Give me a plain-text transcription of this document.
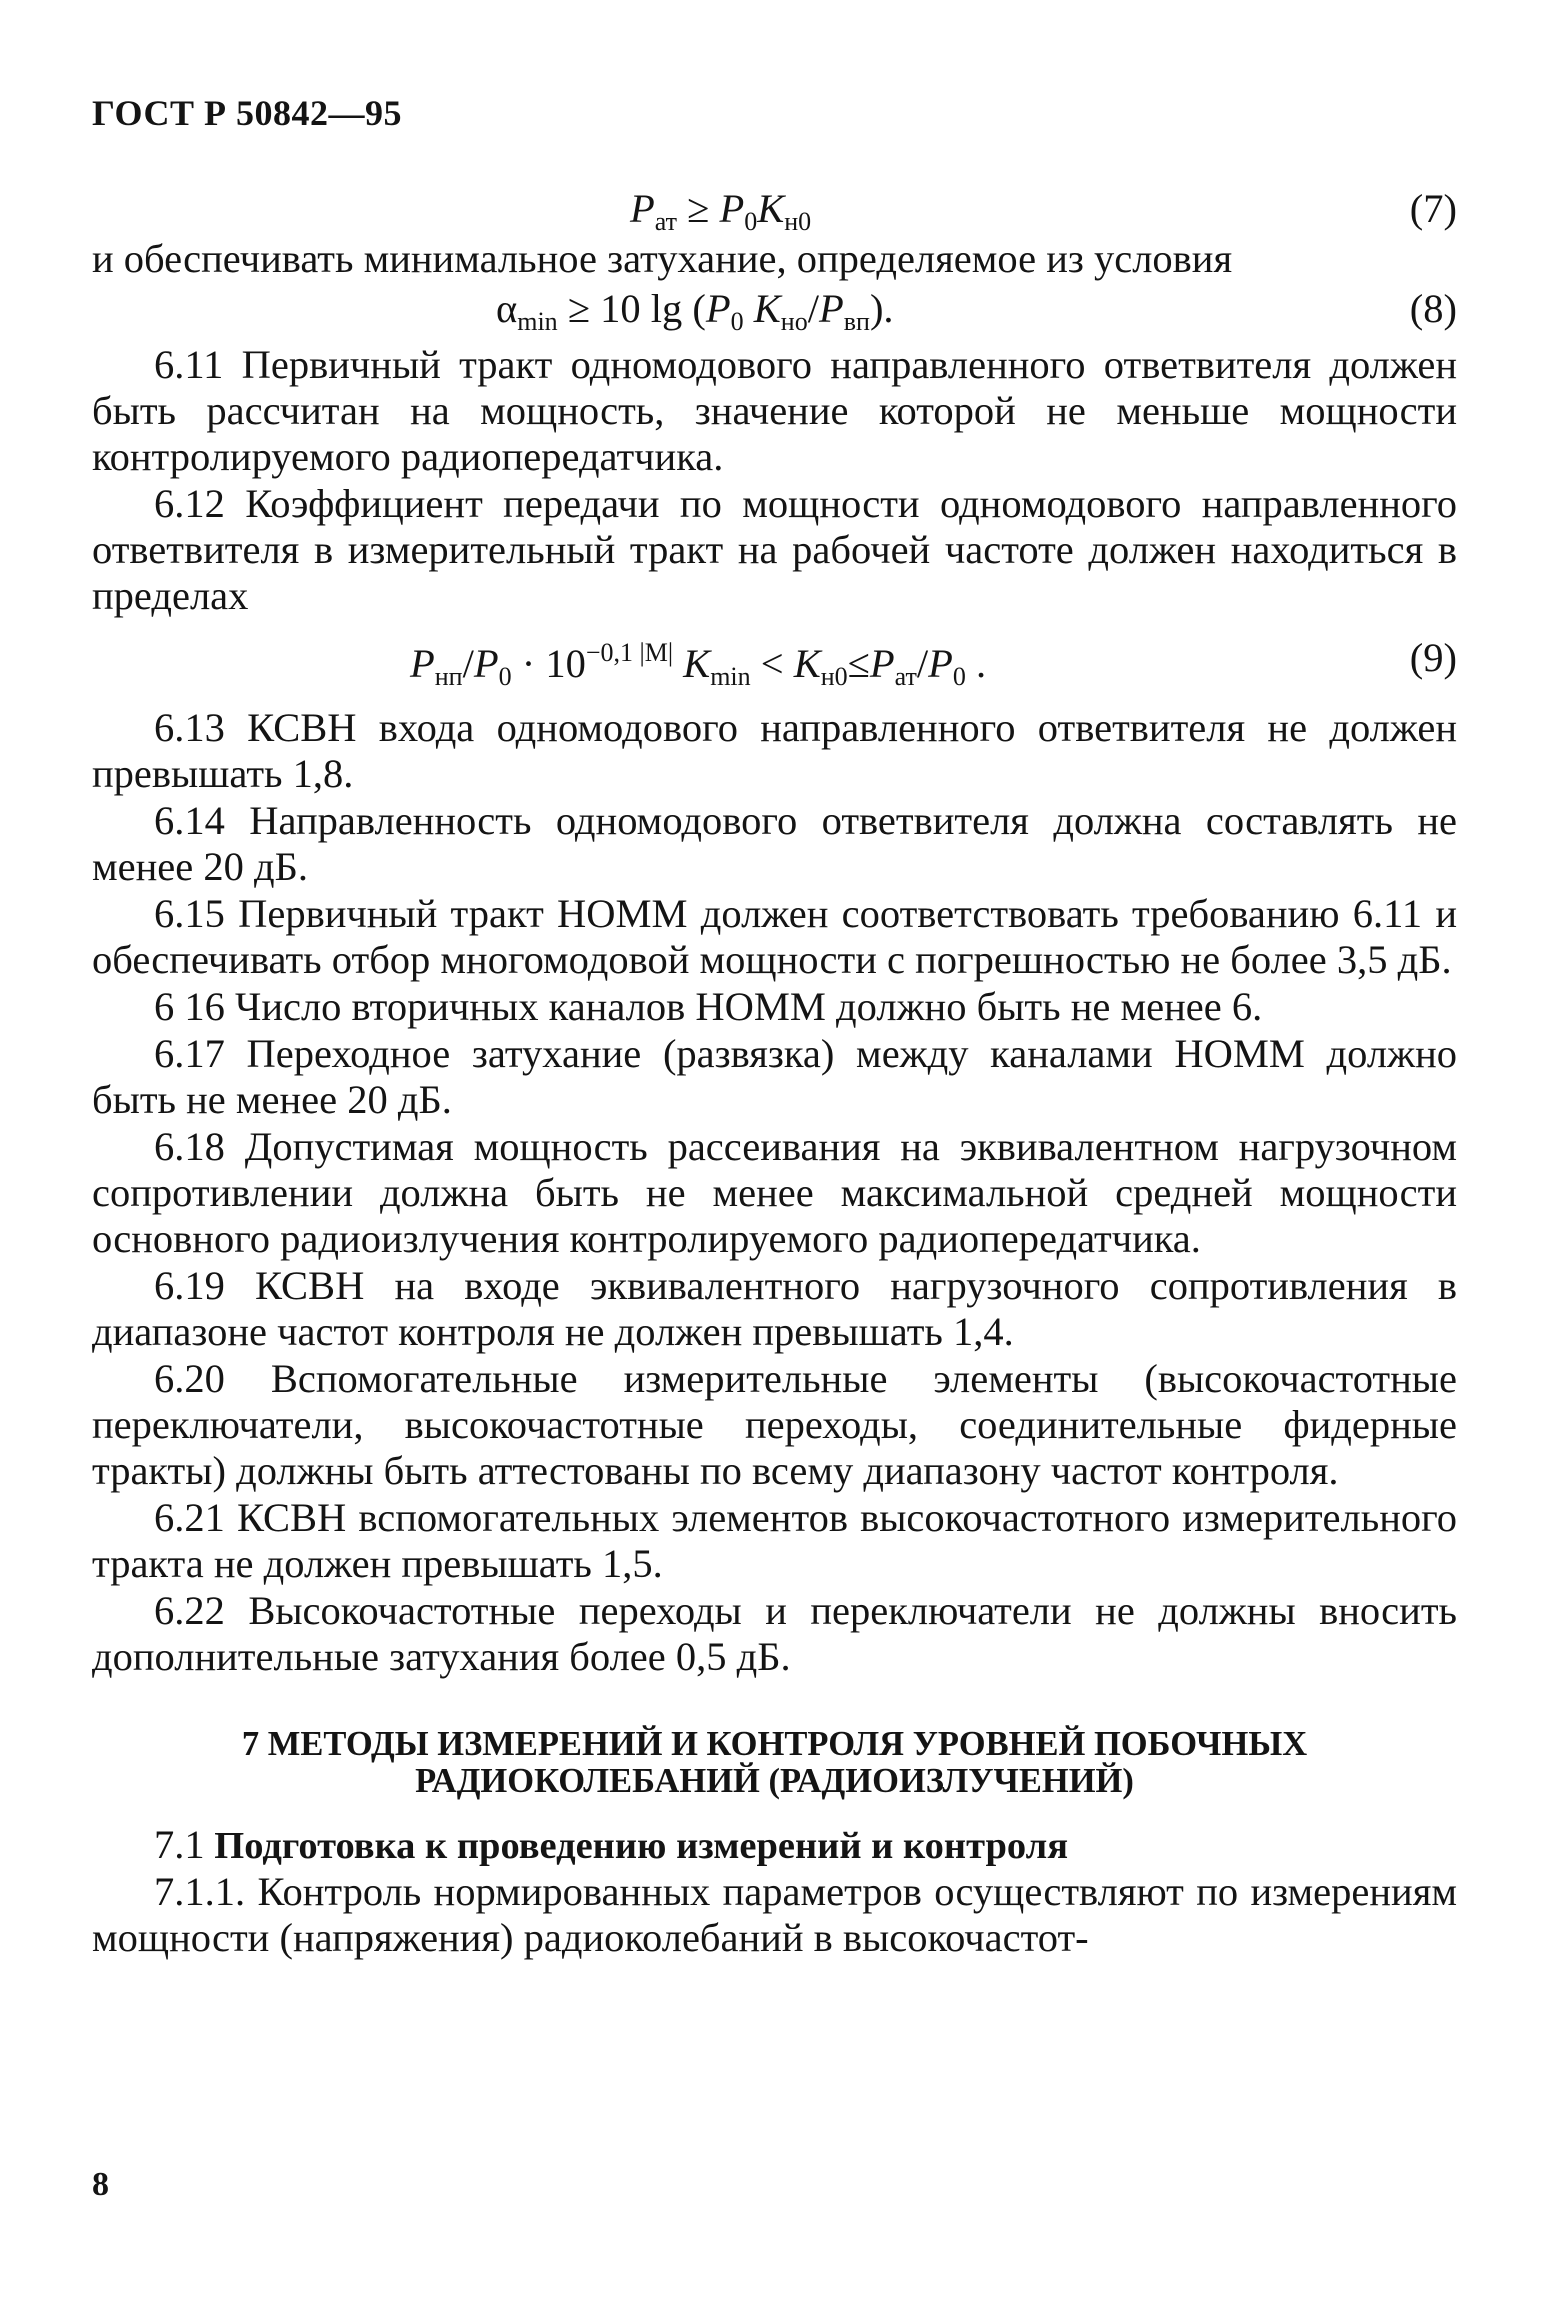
ГОСТ Р 50842—95
$P_{ат} \ge P_0K_{н0}$	(7)

и обеспечивать минимальное затухание, определяемое из условия

$\alpha_{min} \ge 10$ $\lg (P_0$ $K_{но}/P_{вп}$).	(8)

6.11 Первичный тракт одномодового направленного ответвителя должен быть рассчитан на мощность, значение которой не меньше мощности контролируемого радиопередатчика.

6.12 Коэффициент передачи по мощности одномодового направленного ответвителя в измерительный тракт на рабочей частоте должен находиться в пределах

$P_{нп}/P_0 \cdot 10^{-0,1 |M|}$ $K_{min} < K_{н0}\le P_{ат}/P_0$ .	(9)

6.13 КСВН входа одномодового направленного ответвителя не должен превышать 1,8.

6.14 Направленность одномодового ответвителя должна составлять не менее 20 дБ.

6.15 Первичный тракт НОММ должен соответствовать требованию 6.11 и обеспечивать отбор многомодовой мощности с погрешностью не более 3,5 дБ.

6 16 Число вторичных каналов НОММ должно быть не менее 6.

6.17 Переходное затухание (развязка) между каналами НОММ должно быть не менее 20 дБ.

6.18 Допустимая мощность рассеивания на эквивалентном нагрузочном сопротивлении должна быть не менее максимальной средней мощности основного радиоизлучения контролируемого радиопередатчика.

6.19 КСВН на входе эквивалентного нагрузочного сопротивления в диапазоне частот контроля не должен превышать 1,4.

6.20 Вспомогательные измерительные элементы (высокочастотные переключатели, высокочастотные переходы, соединительные фидерные тракты) должны быть аттестованы по всему диапазону частот контроля.

6.21 КСВН вспомогательных элементов высокочастотного измерительного тракта не должен превышать 1,5.

6.22 Высокочастотные переходы и переключатели не должны вносить дополнительные затухания более 0,5 дБ.

7 МЕТОДЫ ИЗМЕРЕНИЙ И КОНТРОЛЯ УРОВНЕЙ ПОБОЧНЫХ
РАДИОКОЛЕБАНИЙ (РАДИОИЗЛУЧЕНИЙ)

7.1 Подготовка к проведению измерений и контроля

7.1.1. Контроль нормированных параметров осуществляют по измерениям мощности (напряжения) радиоколебаний в высокочастот-

8
